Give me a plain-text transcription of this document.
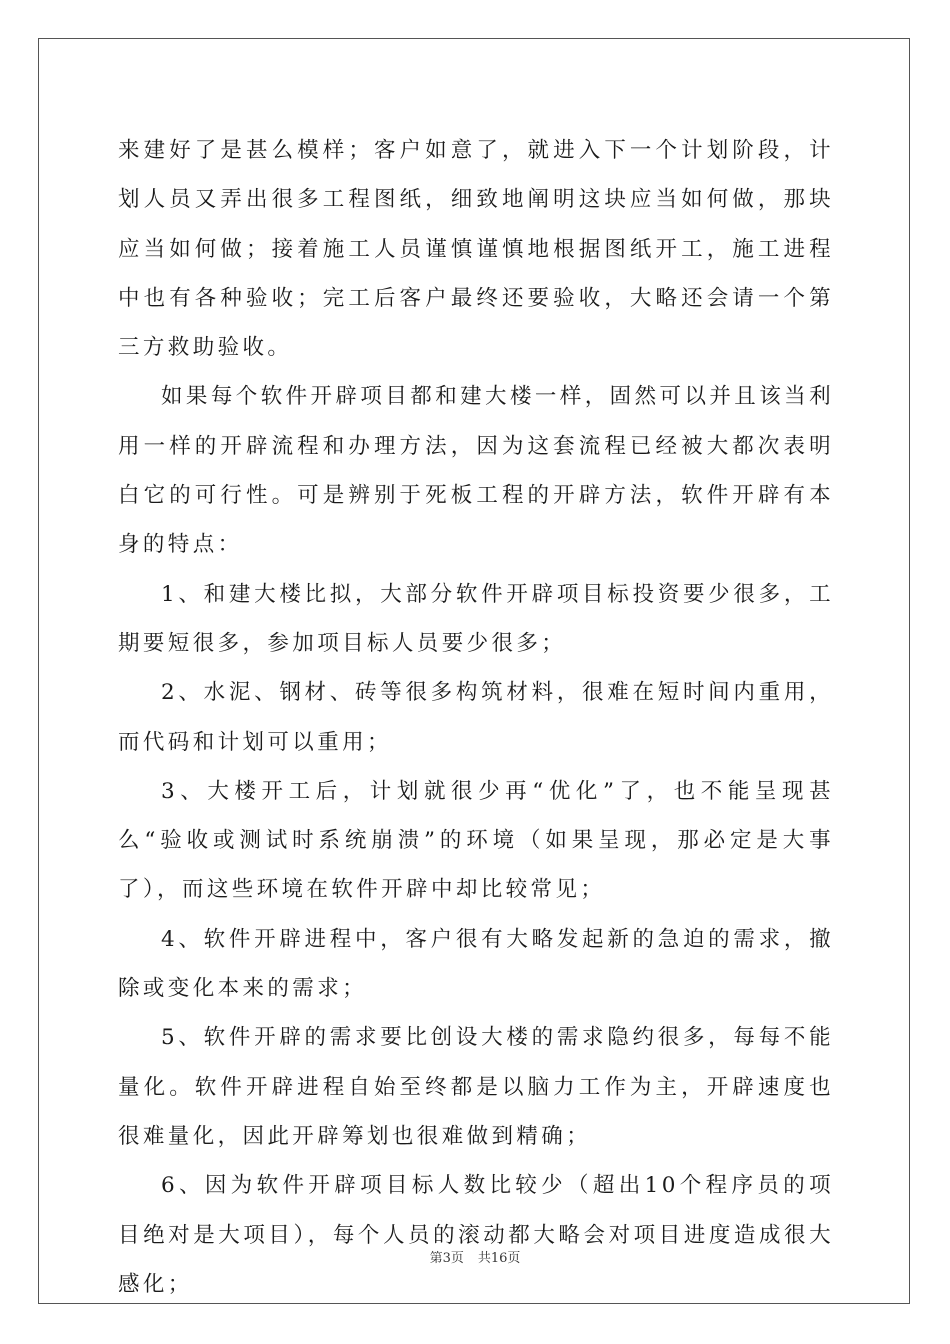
来建好了是甚么模样；客户如意了，就进入下一个计划阶段，计划人员又弄出很多工程图纸，细致地阐明这块应当如何做，那块应当如何做；接着施工人员谨慎谨慎地根据图纸开工，施工进程中也有各种验收；完工后客户最终还要验收，大略还会请一个第三方救助验收。

如果每个软件开辟项目都和建大楼一样，固然可以并且该当利用一样的开辟流程和办理方法，因为这套流程已经被大都次表明白它的可行性。可是辨别于死板工程的开辟方法，软件开辟有本身的特点：

1、和建大楼比拟，大部分软件开辟项目标投资要少很多，工期要短很多，参加项目标人员要少很多；

2、水泥、钢材、砖等很多构筑材料，很难在短时间内重用，而代码和计划可以重用；

3、大楼开工后，计划就很少再“优化”了，也不能呈现甚么“验收或测试时系统崩溃”的环境（如果呈现，那必定是大事了），而这些环境在软件开辟中却比较常见；

4、软件开辟进程中，客户很有大略发起新的急迫的需求，撤除或变化本来的需求；

5、软件开辟的需求要比创设大楼的需求隐约很多，每每不能量化。软件开辟进程自始至终都是以脑力工作为主，开辟速度也很难量化，因此开辟筹划也很难做到精确；

6、因为软件开辟项目标人数比较少（超出10个程序员的项目绝对是大项目），每个人员的滚动都大略会对项目进度造成很大感化；

第3页 共16页
